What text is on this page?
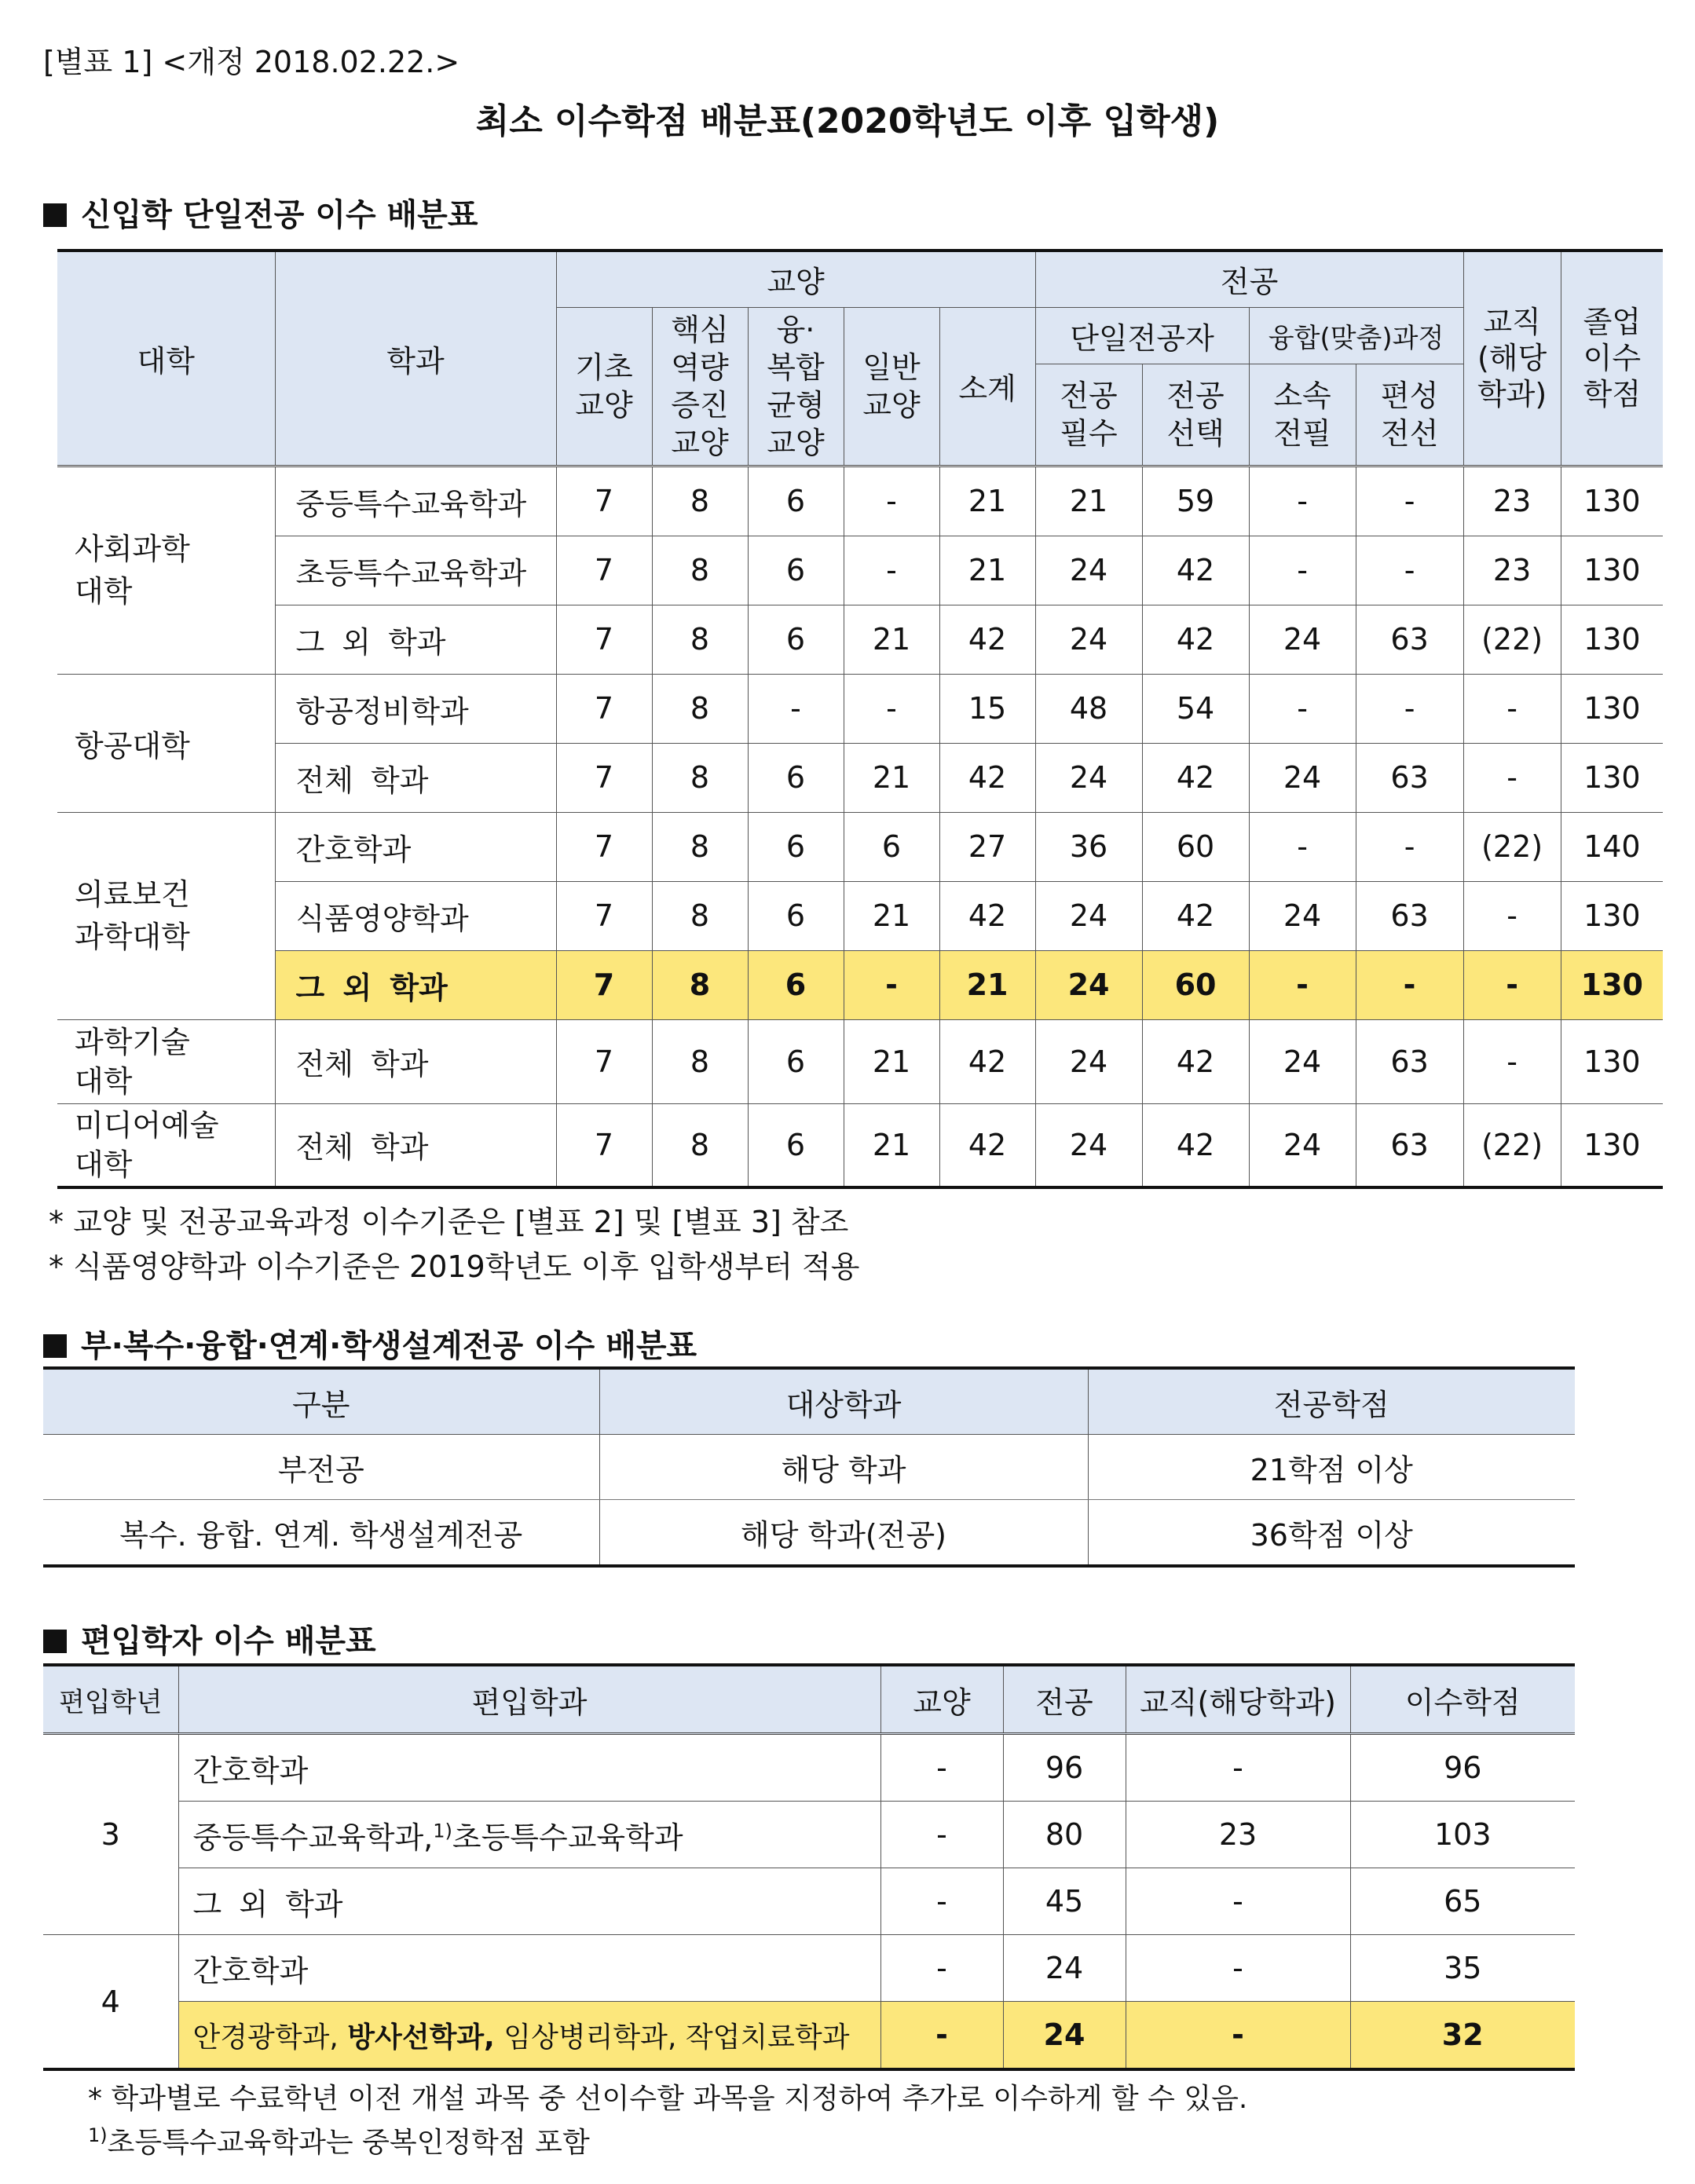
[별표 1] <개정 2018.02.22.>
최소 이수학점 배분표(2020학년도 이후 입학생)
신입학 단일전공 이수 배분표
대학	학과	교양					전공				교직 (해당 학과)	졸업 이수 학점
		기초 교양	핵심 역량 증진 교양	융· 복합 균형 교양	일반 교양	소계	단일전공자		융합(맞춤)과정			
							전공 필수	전공 선택	소속 전필	편성 전선		
사회과학 대학	중등특수교육학과	7	8	6	-	21	21	59	-	-	23	130
	초등특수교육학과	7	8	6	-	21	24	42	-	-	23	130
	그 외 학과	7	8	6	21	42	24	42	24	63	(22)	130
항공대학	항공정비학과	7	8	-	-	15	48	54	-	-	-	130
	전체 학과	7	8	6	21	42	24	42	24	63	-	130
의료보건 과학대학	간호학과	7	8	6	6	27	36	60	-	-	(22)	140
	식품영양학과	7	8	6	21	42	24	42	24	63	-	130
	그 외 학과	7	8	6	-	21	24	60	-	-	-	130
과학기술 대학	전체 학과	7	8	6	21	42	24	42	24	63	-	130
미디어예술 대학	전체 학과	7	8	6	21	42	24	42	24	63	(22)	130
* 교양 및 전공교육과정 이수기준은 [별표 2] 및 [별표 3] 참조
* 식품영양학과 이수기준은 2019학년도 이후 입학생부터 적용
부·복수·융합·연계·학생설계전공 이수 배분표
구분	대상학과	전공학점
부전공	해당 학과	21학점 이상
복수. 융합. 연계. 학생설계전공	해당 학과(전공)	36학점 이상
편입학자 이수 배분표
편입학년	편입학과	교양	전공	교직(해당학과)	이수학점
3	간호학과	-	96	-	96
	중등특수교육학과,$^{1)}$초등특수교육학과	-	80	23	103
	그 외 학과	-	45	-	65
4	간호학과	-	24	-	35
	안경광학과, 방사선학과, 임상병리학과, 작업치료학과	-	24	-	32
* 학과별로 수료학년 이전 개설 과목 중 선이수할 과목을 지정하여 추가로 이수하게 할 수 있음.
$^{1)}$초등특수교육학과는 중복인정학점 포함
